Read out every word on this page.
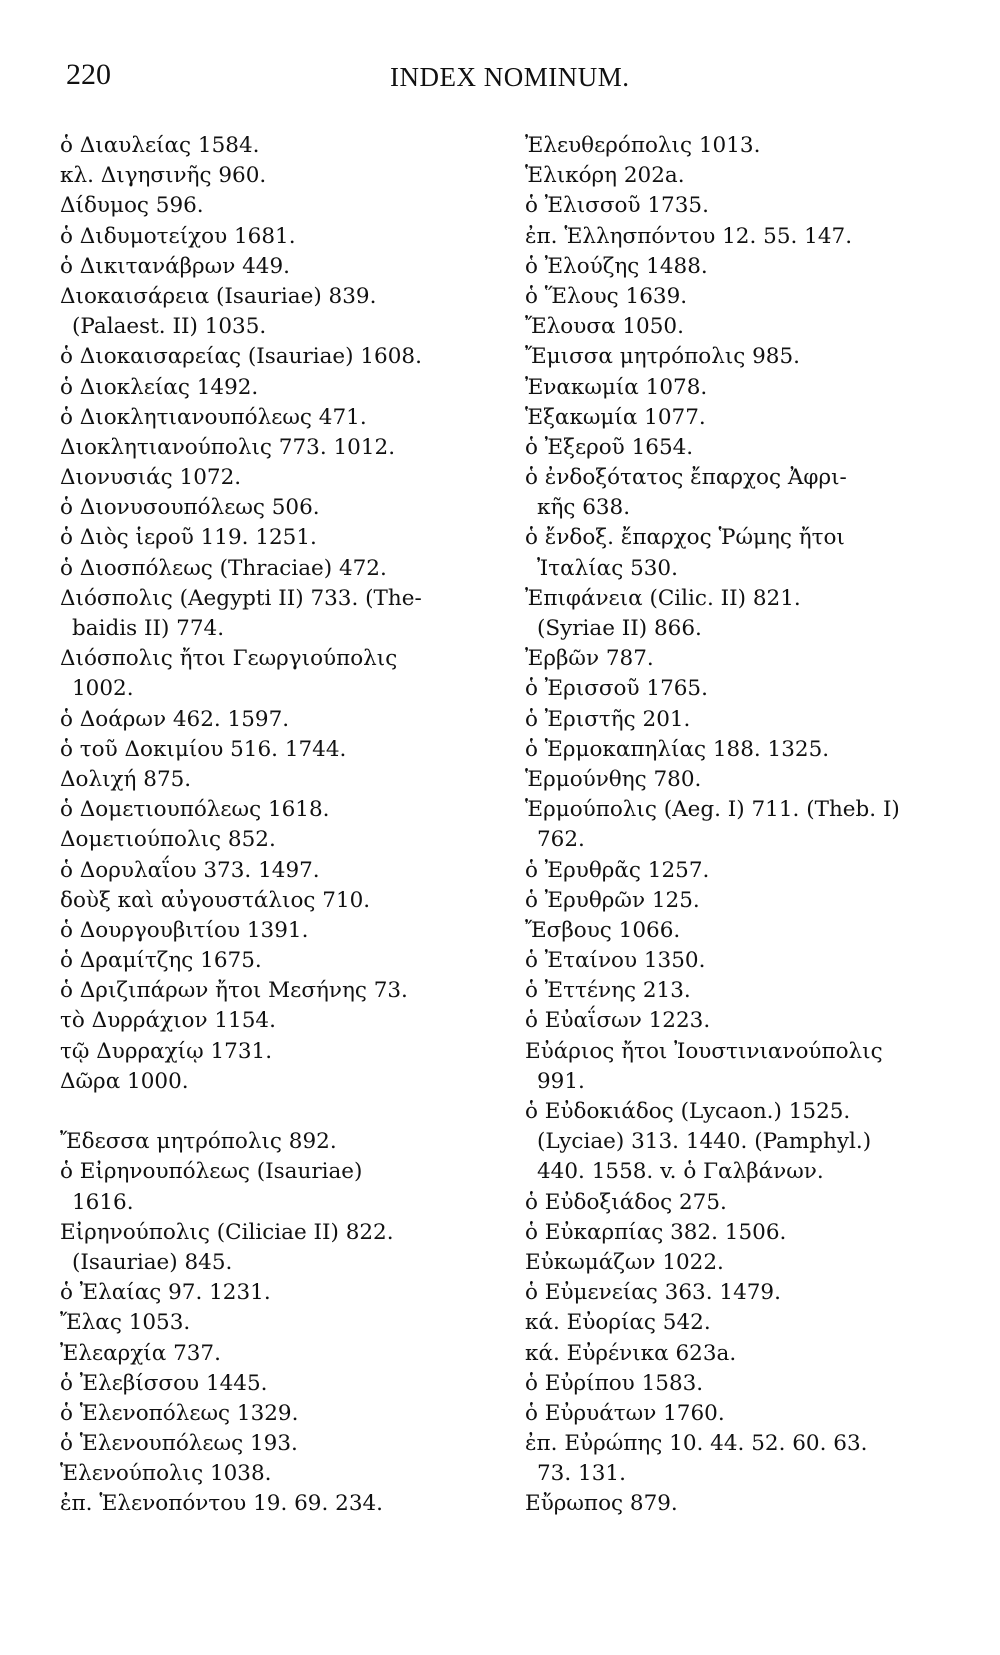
220	INDEX NOMINUM.
ὁ Διαυλείας 1584.
κλ. Διγησινῆς 960.
Δίδυμος 596.
ὁ Διδυμοτείχου 1681.
ὁ Δικιτανάβρων 449.
Διοκαισάρεια (Isauriae) 839.
(Palaest. II) 1035.
ὁ Διοκαισαρείας (Isauriae) 1608.
ὁ Διοκλείας 1492.
ὁ Διοκλητιανουπόλεως 471.
Διοκλητιανούπολις 773. 1012.
Διονυσιάς 1072.
ὁ Διονυσουπόλεως 506.
ὁ Διὸς ἱεροῦ 119. 1251.
ὁ Διοσπόλεως (Thraciae) 472.
Διόσπολις (Aegypti II) 733. (The-
baidis II) 774.
Διόσπολις ἤτοι Γεωργιούπολις
1002.
ὁ Δοάρων 462. 1597.
ὁ τοῦ Δοκιμίου 516. 1744.
Δολιχή 875.
ὁ Δομετιουπόλεως 1618.
Δομετιούπολις 852.
ὁ Δορυλαΐου 373. 1497.
δοὺξ καὶ αὐγουστάλιος 710.
ὁ Δουργουβιτίου 1391.
ὁ Δραμίτζης 1675.
ὁ Δριζιπάρων ἤτοι Μεσήνης 73.
τὸ Δυρράχιον 1154.
τῷ Δυρραχίῳ 1731.
Δῶρα 1000.
Ἔδεσσα μητρόπολις 892.
ὁ Εἰρηνουπόλεως (Isauriae)
1616.
Εἰρηνούπολις (Ciliciae II) 822.
(Isauriae) 845.
ὁ Ἐλαίας 97. 1231.
Ἔλας 1053.
Ἐλεαρχία 737.
ὁ Ἐλεβίσσου 1445.
ὁ Ἑλενοπόλεως 1329.
ὁ Ἑλενουπόλεως 193.
Ἑλενούπολις 1038.
ἐπ. Ἑλενοπόντου 19. 69. 234.
Ἐλευθερόπολις 1013.
Ἑλικόρη 202a.
ὁ Ἐλισσοῦ 1735.
ἐπ. Ἑλλησπόντου 12. 55. 147.
ὁ Ἐλούζης 1488.
ὁ Ἕλους 1639.
Ἔλουσα 1050.
Ἔμισσα μητρόπολις 985.
Ἐνακωμία 1078.
Ἑξακωμία 1077.
ὁ Ἐξεροῦ 1654.
ὁ ἐνδοξότατος ἔπαρχος Ἀφρι-
κῆς 638.
ὁ ἔνδοξ. ἔπαρχος Ῥώμης ἤτοι
Ἰταλίας 530.
Ἐπιφάνεια (Cilic. II) 821.
(Syriae II) 866.
Ἐρβῶν 787.
ὁ Ἐρισσοῦ 1765.
ὁ Ἐριστῆς 201.
ὁ Ἑρμοκαπηλίας 188. 1325.
Ἑρμούνθης 780.
Ἑρμούπολις (Aeg. I) 711. (Theb. I)
762.
ὁ Ἐρυθρᾶς 1257.
ὁ Ἐρυθρῶν 125.
Ἔσβους 1066.
ὁ Ἐταίνου 1350.
ὁ Ἐττένης 213.
ὁ Εὐαΐσων 1223.
Εὐάριος ἤτοι Ἰουστινιανούπολις
991.
ὁ Εὐδοκιάδος (Lycaon.) 1525.
(Lyciae) 313. 1440. (Pamphyl.)
440. 1558. v. ὁ Γαλβάνων.
ὁ Εὐδοξιάδος 275.
ὁ Εὐκαρπίας 382. 1506.
Εὐκωμάζων 1022.
ὁ Εὐμενείας 363. 1479.
κά. Εὐορίας 542.
κά. Εὐρένικα 623a.
ὁ Εὐρίπου 1583.
ὁ Εὐρυάτων 1760.
ἐπ. Εὐρώπης 10. 44. 52. 60. 63.
73. 131.
Εὔρωπος 879.
